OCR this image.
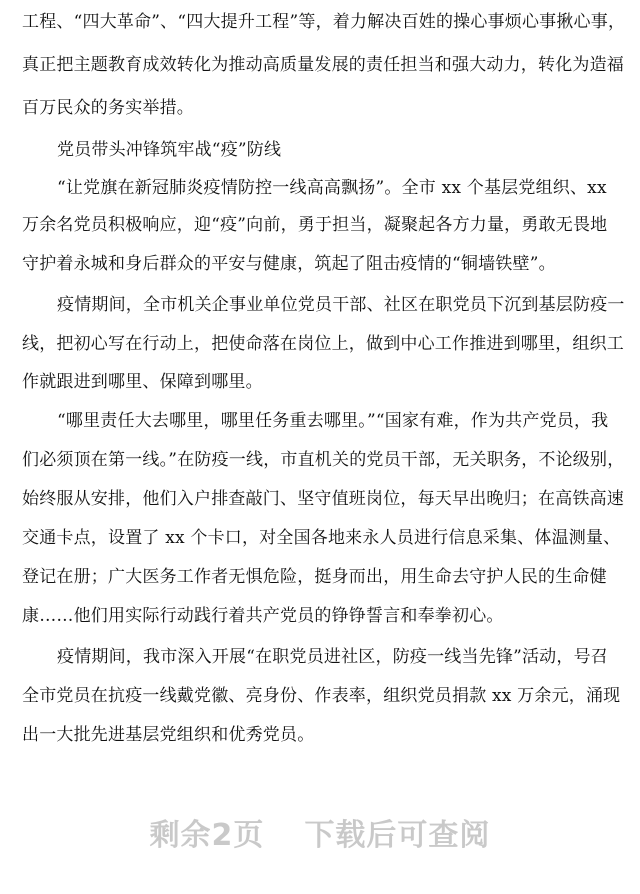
工程、“四大革命”、“四大提升工程”等，着力解决百姓的操心事烦心事揪心事，
真正把主题教育成效转化为推动高质量发展的责任担当和强大动力，转化为造福
百万民众的务实举措。
党员带头冲锋筑牢战“疫”防线
“让党旗在新冠肺炎疫情防控一线高高飘扬”。全市 xx 个基层党组织、xx
万余名党员积极响应，迎“疫”向前，勇于担当，凝聚起各方力量，勇敢无畏地
守护着永城和身后群众的平安与健康，筑起了阻击疫情的“铜墙铁壁”。
疫情期间，全市机关企事业单位党员干部、社区在职党员下沉到基层防疫一
线，把初心写在行动上，把使命落在岗位上，做到中心工作推进到哪里，组织工
作就跟进到哪里、保障到哪里。
“哪里责任大去哪里，哪里任务重去哪里。”“国家有难，作为共产党员，我
们必须顶在第一线。”在防疫一线，市直机关的党员干部，无关职务，不论级别，
始终服从安排，他们入户排查敲门、坚守值班岗位，每天早出晚归；在高铁高速
交通卡点，设置了 xx 个卡口，对全国各地来永人员进行信息采集、体温测量、
登记在册；广大医务工作者无惧危险，挺身而出，用生命去守护人民的生命健
康……他们用实际行动践行着共产党员的铮铮誓言和奉拳初心。
疫情期间，我市深入开展“在职党员进社区，防疫一线当先锋”活动，号召
全市党员在抗疫一线戴党徽、亮身份、作表率，组织党员捐款 xx 万余元，涌现
出一大批先进基层党组织和优秀党员。
剩余2页 下载后可查阅
